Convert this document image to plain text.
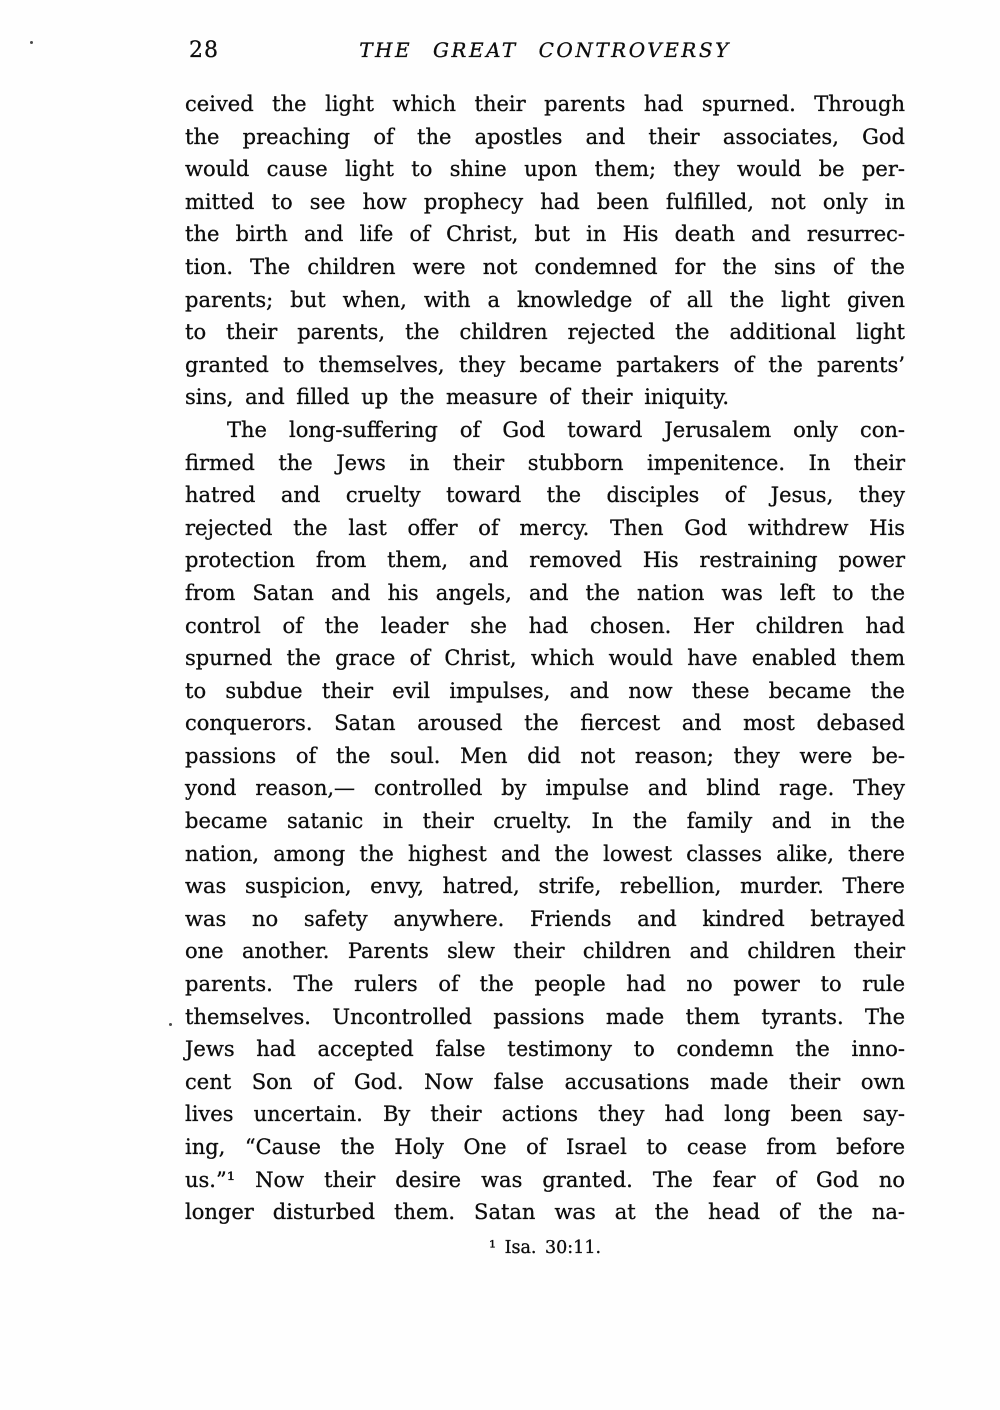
28	THE GREAT CONTROVERSY
ceived the light which their parents had spurned. Through
the preaching of the apostles and their associates, God
would cause light to shine upon them; they would be per-
mitted to see how prophecy had been fulfilled, not only in
the birth and life of Christ, but in His death and resurrec-
tion. The children were not condemned for the sins of the
parents; but when, with a knowledge of all the light given
to their parents, the children rejected the additional light
granted to themselves, they became partakers of the parents’
sins, and filled up the measure of their iniquity.
The long-suffering of God toward Jerusalem only con-
firmed the Jews in their stubborn impenitence. In their
hatred and cruelty toward the disciples of Jesus, they
rejected the last offer of mercy. Then God withdrew His
protection from them, and removed His restraining power
from Satan and his angels, and the nation was left to the
control of the leader she had chosen. Her children had
spurned the grace of Christ, which would have enabled them
to subdue their evil impulses, and now these became the
conquerors. Satan aroused the fiercest and most debased
passions of the soul. Men did not reason; they were be-
yond reason,— controlled by impulse and blind rage. They
became satanic in their cruelty. In the family and in the
nation, among the highest and the lowest classes alike, there
was suspicion, envy, hatred, strife, rebellion, murder. There
was no safety anywhere. Friends and kindred betrayed
one another. Parents slew their children and children their
parents. The rulers of the people had no power to rule
themselves. Uncontrolled passions made them tyrants. The
Jews had accepted false testimony to condemn the inno-
cent Son of God. Now false accusations made their own
lives uncertain. By their actions they had long been say-
ing, “Cause the Holy One of Israel to cease from before
us.”¹ Now their desire was granted. The fear of God no
longer disturbed them. Satan was at the head of the na-
¹ Isa. 30:11.
